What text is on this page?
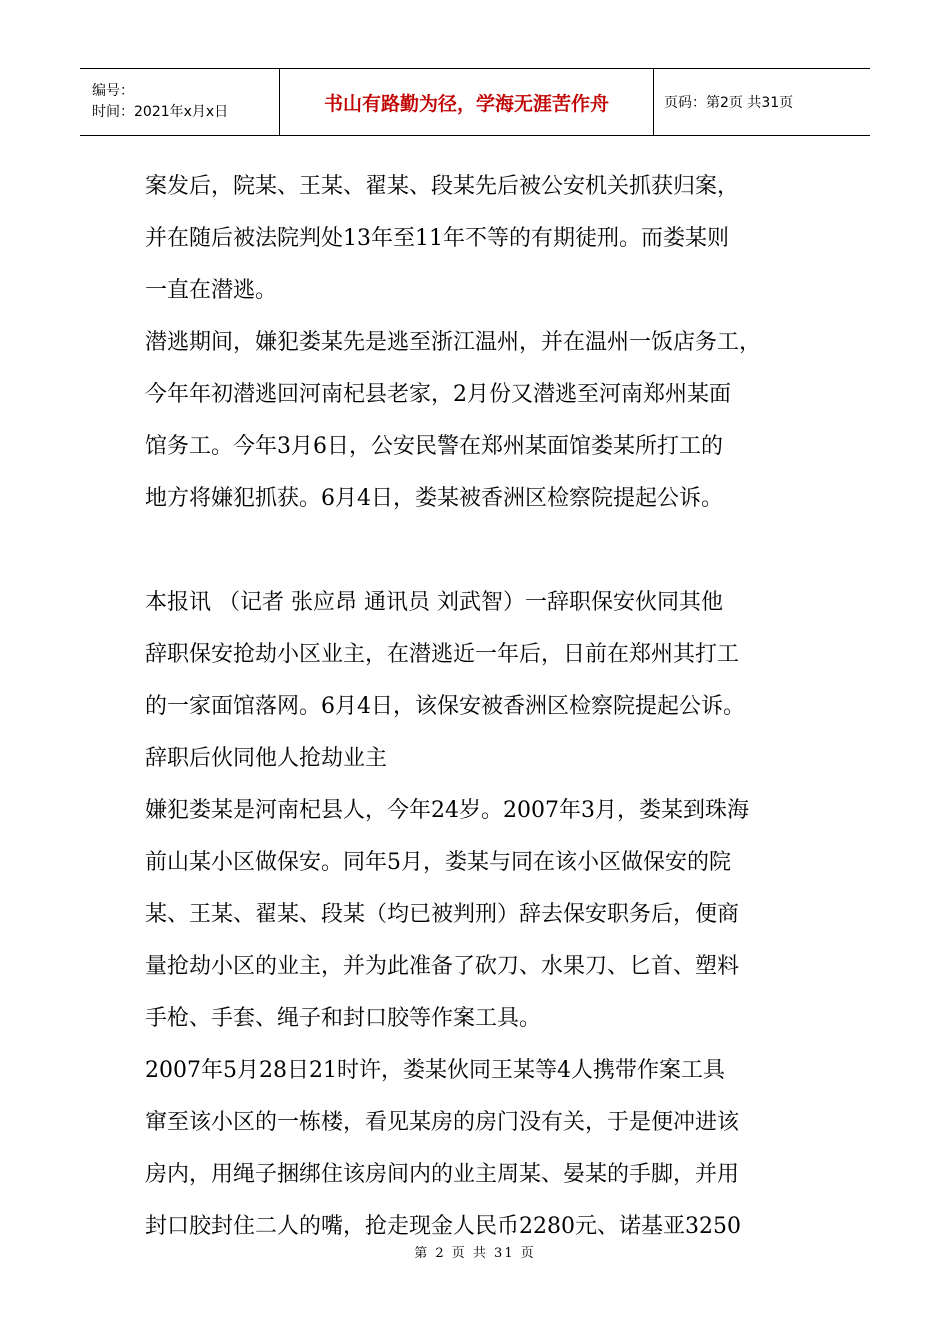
编号：
时间：2021年x月x日	书山有路勤为径，学海无涯苦作舟	页码：第2页 共31页
案发后，院某、王某、翟某、段某先后被公安机关抓获归案，
并在随后被法院判处13年至11年不等的有期徒刑。而娄某则
一直在潜逃。
潜逃期间，嫌犯娄某先是逃至浙江温州，并在温州一饭店务工，
今年年初潜逃回河南杞县老家，2月份又潜逃至河南郑州某面
馆务工。今年3月6日，公安民警在郑州某面馆娄某所打工的
地方将嫌犯抓获。6月4日，娄某被香洲区检察院提起公诉。
本报讯 （记者 张应昂 通讯员 刘武智）一辞职保安伙同其他
辞职保安抢劫小区业主，在潜逃近一年后，日前在郑州其打工
的一家面馆落网。6月4日，该保安被香洲区检察院提起公诉。
辞职后伙同他人抢劫业主
嫌犯娄某是河南杞县人，今年24岁。2007年3月，娄某到珠海
前山某小区做保安。同年5月，娄某与同在该小区做保安的院
某、王某、翟某、段某（均已被判刑）辞去保安职务后，便商
量抢劫小区的业主，并为此准备了砍刀、水果刀、匕首、塑料
手枪、手套、绳子和封口胶等作案工具。
2007年5月28日21时许，娄某伙同王某等4人携带作案工具
窜至该小区的一栋楼，看见某房的房门没有关，于是便冲进该
房内，用绳子捆绑住该房间内的业主周某、晏某的手脚，并用
封口胶封住二人的嘴，抢走现金人民币2280元、诺基亚3250
第 2 页 共 31 页
